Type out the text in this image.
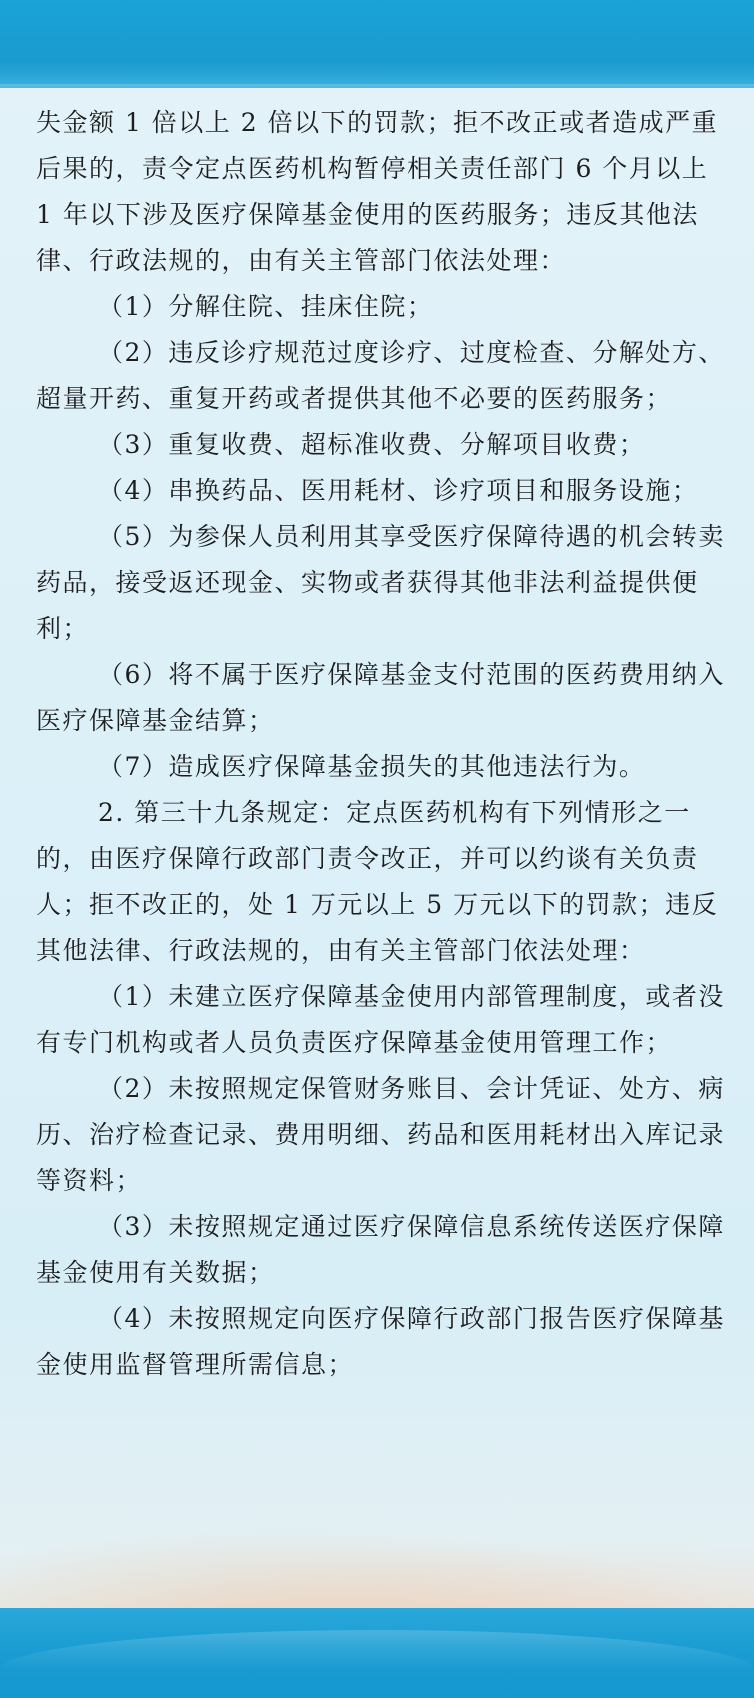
失金额 1 倍以上 2 倍以下的罚款；拒不改正或者造成严重后果的，责令定点医药机构暂停相关责任部门 6 个月以上 1 年以下涉及医疗保障基金使用的医药服务；违反其他法律、行政法规的，由有关主管部门依法处理：

（1）分解住院、挂床住院；

（2）违反诊疗规范过度诊疗、过度检查、分解处方、超量开药、重复开药或者提供其他不必要的医药服务；

（3）重复收费、超标准收费、分解项目收费；

（4）串换药品、医用耗材、诊疗项目和服务设施；

（5）为参保人员利用其享受医疗保障待遇的机会转卖药品，接受返还现金、实物或者获得其他非法利益提供便利；

（6）将不属于医疗保障基金支付范围的医药费用纳入医疗保障基金结算；

（7）造成医疗保障基金损失的其他违法行为。

2. 第三十九条规定：定点医药机构有下列情形之一的，由医疗保障行政部门责令改正，并可以约谈有关负责人；拒不改正的，处 1 万元以上 5 万元以下的罚款；违反其他法律、行政法规的，由有关主管部门依法处理：

（1）未建立医疗保障基金使用内部管理制度，或者没有专门机构或者人员负责医疗保障基金使用管理工作；

（2）未按照规定保管财务账目、会计凭证、处方、病历、治疗检查记录、费用明细、药品和医用耗材出入库记录等资料；

（3）未按照规定通过医疗保障信息系统传送医疗保障基金使用有关数据；

（4）未按照规定向医疗保障行政部门报告医疗保障基金使用监督管理所需信息；
